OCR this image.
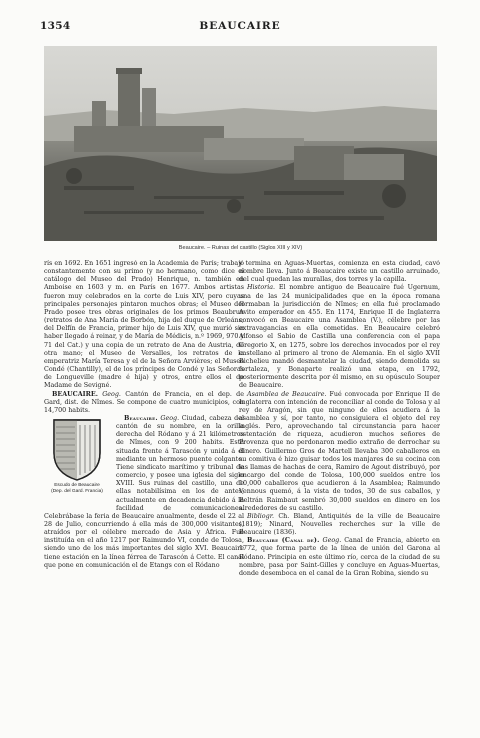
1354	BEAUCAIRE
Beaucaire. – Ruinas del castillo (Siglos XIII y XIV)

rís en 1692. En 1651 ingresó en la Academia de París; trabajó constantemente con su primo (y no hermano, como dice el catálogo del Museo del Prado) Henrique, n. también en Amboise en 1603 y m. en París en 1677. Ambos artistas fueron muy celebrados en la corte de Luis XIV, pero cuyas principales personajes pintaron muchos obras; el Museo del Prado posee tres obras originales de los primos Beaubrun (retratos de Ana María de Borbón, hija del duque de Orleáns; del Delfín de Francia, primer hijo de Luis XIV, que murió sin haber llegado á reinar, y de María de Médicis, n.º 1969, 970 y 71 del Cat.) y una copia de un retrato de Ana de Austria, de otra mano; el Museo de Versalles, los retratos de la emperatriz María Teresa y el de la Señora Arvières; el Museo Condé (Chantilly), el de los príncipes de Condé y las Señoras de Longueville (madre é hija) y otros, entre ellos el de Madame de Sevigné.

BEAUCAIRE. Geog. Cantón de Francia, en el dep. de Gard, dist. de Nîmes. Se compone de cuatro municipios, con 14,700 habits.

Escudo de Beaucaire
(Dep. del Gard. Francia)

Beaucaire. Geog. Ciudad, cabeza del cantón de su nombre, en la orilla derecha del Ródano y á 21 kilómetros de Nîmes, con 9 200 habits. Está situada frente á Tarascón y unida á él mediante un hermoso puente colgante. Tiene sindicato marítimo y tribunal de comercio, y posee una iglesia del siglo XVIII. Sus ruinas del castillo, una de ellas notabilísima en los de antes, actualmente en decadencia debido á la facilidad de comunicaciones. Celebrábase la feria de Beaucaire anualmente, desde el 22 al 28 de Julio, concurriendo á ella más de 300,000 visitantes, atraídos por el célebre mercado de Asia y África. Fué instituída en el año 1217 por Raimundo VI, conde de Tolosa, siendo uno de los más importantes del siglo XVI. Beaucaire tiene estación en la línea férrea de Tarascón á Cette. El canal que pone en comunicación el de Etangs con el Ródano

y termina en Aguas-Muertas, comienza en esta ciudad, cavó nombre lleva. Junto á Beaucaire existe un castillo arruinado, del cual quedan las murallas, dos torres y la capilla.

Historia. El nombre antiguo de Beaucaire fué Ugernum, una de las 24 municipalidades que en la época romana formaban la jurisdicción de Nîmes; en ella fué proclamado Avito emperador en 455. En 1174, Enrique II de Inglaterra convocó en Beaucaire una Asamblea (V.), célebre por las extravagancias en ella cometidas. En Beaucaire celebró Alfonso el Sabio de Castilla una conferencia con el papa Gregorio X, en 1275, sobre los derechos invocados por el rey castellano al primero al trono de Alemania. En el siglo XVII Richelieu mandó desmantelar la ciudad, siendo demolida su fortaleza, y Bonaparte realizó una etapa, en 1792, posteriormente descrita por él mismo, en su opúsculo Souper de Beaucaire.

Asamblea de Beaucaire. Fué convocada por Enrique II de Inglaterra con intención de reconciliar al conde de Tolosa y al rey de Aragón, sin que ninguno de ellos acudiera á la asamblea y sí, por tanto, no consiguiera el objeto del rey inglés. Pero, aprovechando tal circunstancia para hacer ostentación de riqueza, acudieron muchos señores de Provenza que no perdonaron medio extraño de derrochar su dinero. Guillermo Gros de Martell llevaba 300 caballeros en su comitiva é hizo guisar todos los manjares de su cocina con las llamas de hachas de cera, Ramiro de Agout distribuyó, por encargo del conde de Tolosa, 100,000 sueldos entre los 10,000 caballeros que acudieron á la Asamblea; Raimundo Vennous quemó, á la vista de todos, 30 de sus caballos, y Beltrán Raimbaut sembró 30,000 sueldos en dinero en los alrededores de su castillo.

Bibliogr. Ch. Bland, Antiquités de la ville de Beaucaire (1819); Ninard, Nouvelles recherches sur la ville de Beaucaire (1836).

Beaucaire (Canal de). Geog. Canal de Francia, abierto en 1772, que forma parte de la línea de unión del Garona al Ródano. Principia en este último río, cerca de la ciudad de su nombre, pasa por Saint-Gilles y concluye en Aguas-Muertas, donde desemboca en el canal de la Gran Robina, siendo su
